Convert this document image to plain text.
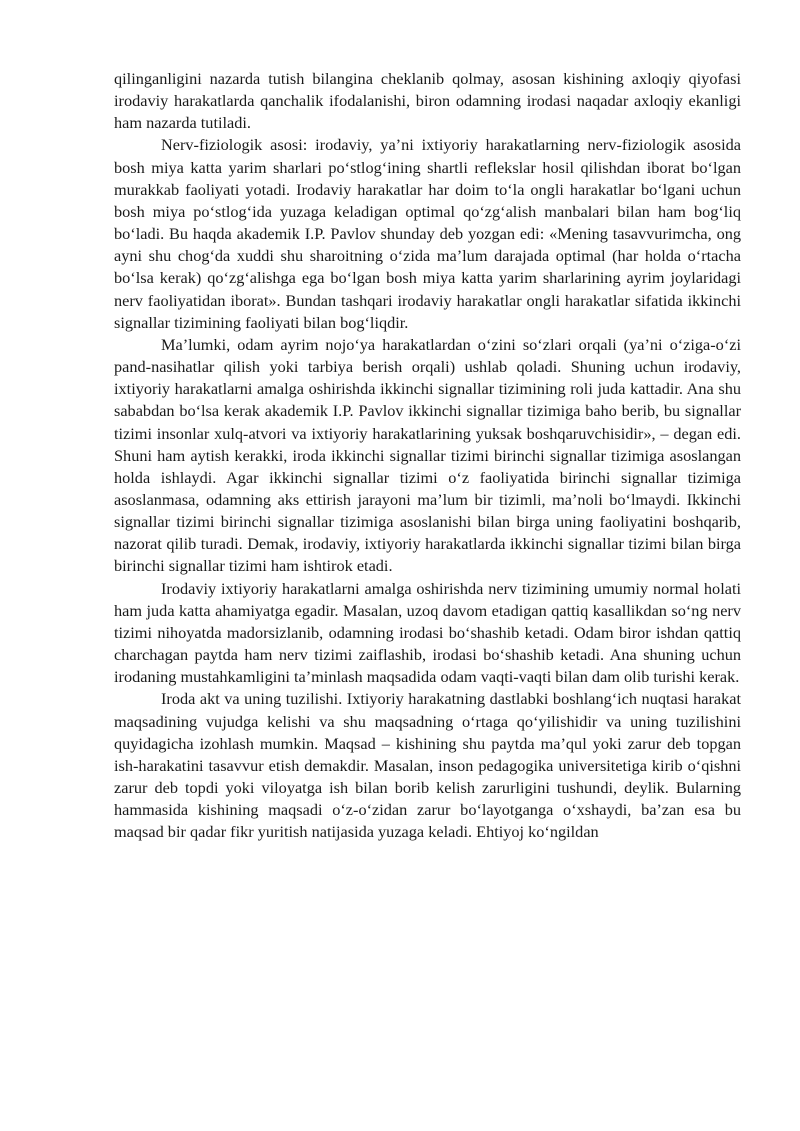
qilinganligini nazarda tutish bilangina cheklanib qolmay, asosan kishining axloqiy qiyofasi irodaviy harakatlarda qanchalik ifodalanishi, biron odamning irodasi naqadar axloqiy ekanligi ham nazarda tutiladi.

Nerv-fiziologik asosi: irodaviy, ya’ni ixtiyoriy harakatlarning nerv-fiziologik asosida bosh miya katta yarim sharlari po‘stlog‘ining shartli reflekslar hosil qilishdan iborat bo‘lgan murakkab faoliyati yotadi. Irodaviy harakatlar har doim to‘la ongli harakatlar bo‘lgani uchun bosh miya po‘stlog‘ida yuzaga keladigan optimal qo‘zg‘alish manbalari bilan ham bog‘liq bo‘ladi. Bu haqda akademik I.P. Pavlov shunday deb yozgan edi: «Mening tasavvurimcha, ong ayni shu chog‘da xuddi shu sharoitning o‘zida ma’lum darajada optimal (har holda o‘rtacha bo‘lsa kerak) qo‘zg‘alishga ega bo‘lgan bosh miya katta yarim sharlarining ayrim joylaridagi nerv faoliyatidan iborat». Bundan tashqari irodaviy harakatlar ongli harakatlar sifatida ikkinchi signallar tizimining faoliyati bilan bog‘liqdir.

Ma’lumki, odam ayrim nojo‘ya harakatlardan o‘zini so‘zlari orqali (ya’ni o‘ziga-o‘zi pand-nasihatlar qilish yoki tarbiya berish orqali) ushlab qoladi. Shuning uchun irodaviy, ixtiyoriy harakatlarni amalga oshirishda ikkinchi signallar tizimining roli juda kattadir. Ana shu sababdan bo‘lsa kerak akademik I.P. Pavlov ikkinchi signallar tizimiga baho berib, bu signallar tizimi insonlar xulq-atvori va ixtiyoriy harakatlarining yuksak boshqaruvchisidir», – degan edi. Shuni ham aytish kerakki, iroda ikkinchi signallar tizimi birinchi signallar tizimiga asoslangan holda ishlaydi. Agar ikkinchi signallar tizimi o‘z faoliyatida birinchi signallar tizimiga asoslanmasa, odamning aks ettirish jarayoni ma’lum bir tizimli, ma’noli bo‘lmaydi. Ikkinchi signallar tizimi birinchi signallar tizimiga asoslanishi bilan birga uning faoliyatini boshqarib, nazorat qilib turadi. Demak, irodaviy, ixtiyoriy harakatlarda ikkinchi signallar tizimi bilan birga birinchi signallar tizimi ham ishtirok etadi.

Irodaviy ixtiyoriy harakatlarni amalga oshirishda nerv tizimining umumiy normal holati ham juda katta ahamiyatga egadir. Masalan, uzoq davom etadigan qattiq kasallikdan so‘ng nerv tizimi nihoyatda madorsizlanib, odamning irodasi bo‘shashib ketadi. Odam biror ishdan qattiq charchagan paytda ham nerv tizimi zaiflashib, irodasi bo‘shashib ketadi. Ana shuning uchun irodaning mustahkamligini ta’minlash maqsadida odam vaqti-vaqti bilan dam olib turishi kerak.

Iroda akt va uning tuzilishi. Ixtiyoriy harakatning dastlabki boshlang‘ich nuqtasi harakat maqsadining vujudga kelishi va shu maqsadning o‘rtaga qo‘yilishidir va uning tuzilishini quyidagicha izohlash mumkin. Maqsad – kishining shu paytda ma’qul yoki zarur deb topgan ish-harakatini tasavvur etish demakdir. Masalan, inson pedagogika universitetiga kirib o‘qishni zarur deb topdi yoki viloyatga ish bilan borib kelish zarurligini tushundi, deylik. Bularning hammasida kishining maqsadi o‘z-o‘zidan zarur bo‘layotganga o‘xshaydi, ba’zan esa bu maqsad bir qadar fikr yuritish natijasida yuzaga keladi. Ehtiyoj ko‘ngildan
